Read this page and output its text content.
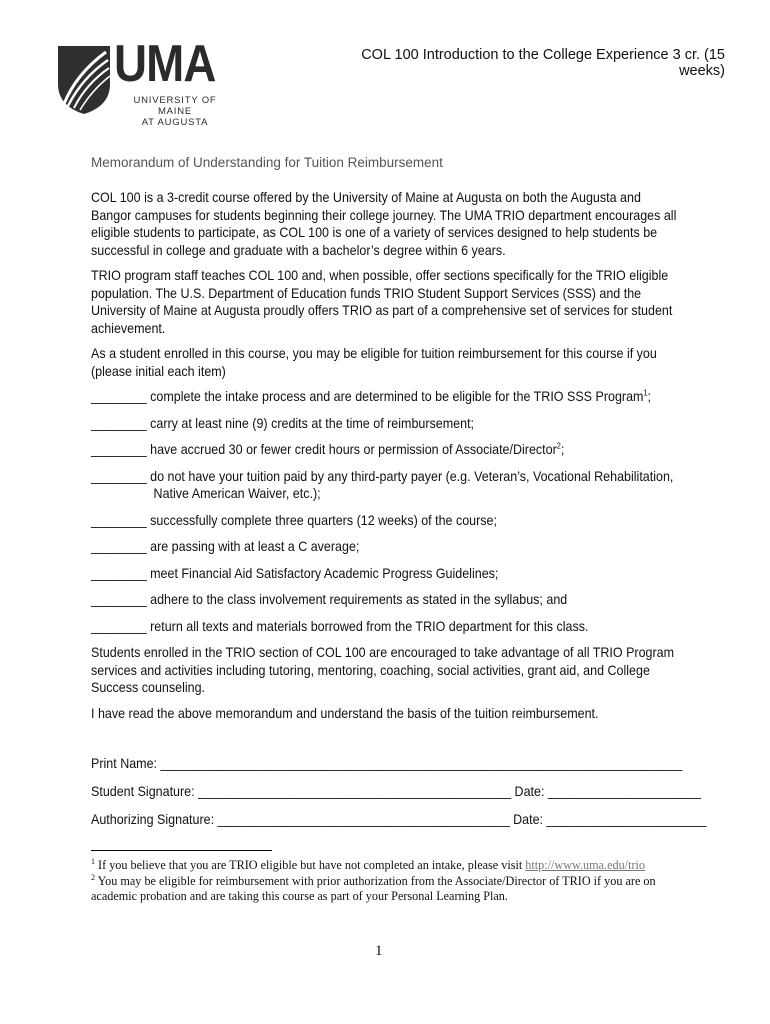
UMA
UNIVERSITY OF MAINE
AT AUGUSTA
COL 100 Introduction to the College Experience 3 cr. (15 weeks)
Memorandum of Understanding for Tuition Reimbursement

COL 100 is a 3-credit course offered by the University of Maine at Augusta on both the Augusta and Bangor campuses for students beginning their college journey. The UMA TRIO department encourages all eligible students to participate, as COL 100 is one of a variety of services designed to help students be successful in college and graduate with a bachelor’s degree within 6 years.

TRIO program staff teaches COL 100 and, when possible, offer sections specifically for the TRIO eligible population. The U.S. Department of Education funds TRIO Student Support Services (SSS) and the University of Maine at Augusta proudly offers TRIO as part of a comprehensive set of services for student achievement.

As a student enrolled in this course, you may be eligible for tuition reimbursement for this course if you (please initial each item)

________ complete the intake process and are determined to be eligible for the TRIO SSS Program$^1$;
________ carry at least nine (9) credits at the time of reimbursement;
________ have accrued 30 or fewer credit hours or permission of Associate/Director$^2$;
________ do not have your tuition paid by any third-party payer (e.g. Veteran’s, Vocational Rehabilitation,
Native American Waiver, etc.);
________ successfully complete three quarters (12 weeks) of the course;
________ are passing with at least a C average;
________ meet Financial Aid Satisfactory Academic Progress Guidelines;
________ adhere to the class involvement requirements as stated in the syllabus; and
________ return all texts and materials borrowed from the TRIO department for this class.

Students enrolled in the TRIO section of COL 100 are encouraged to take advantage of all TRIO Program services and activities including tutoring, mentoring, coaching, social activities, grant aid, and College Success counseling.

I have read the above memorandum and understand the basis of the tuition reimbursement.

Print Name: ___________________________________________________________________________
Student Signature: _____________________________________________ Date: ______________________
Authorizing Signature: __________________________________________ Date: _______________________
$^1$ If you believe that you are TRIO eligible but have not completed an intake, please visit http://www.uma.edu/trio
$^2$ You may be eligible for reimbursement with prior authorization from the Associate/Director of TRIO if you are on academic probation and are taking this course as part of your Personal Learning Plan.
1
